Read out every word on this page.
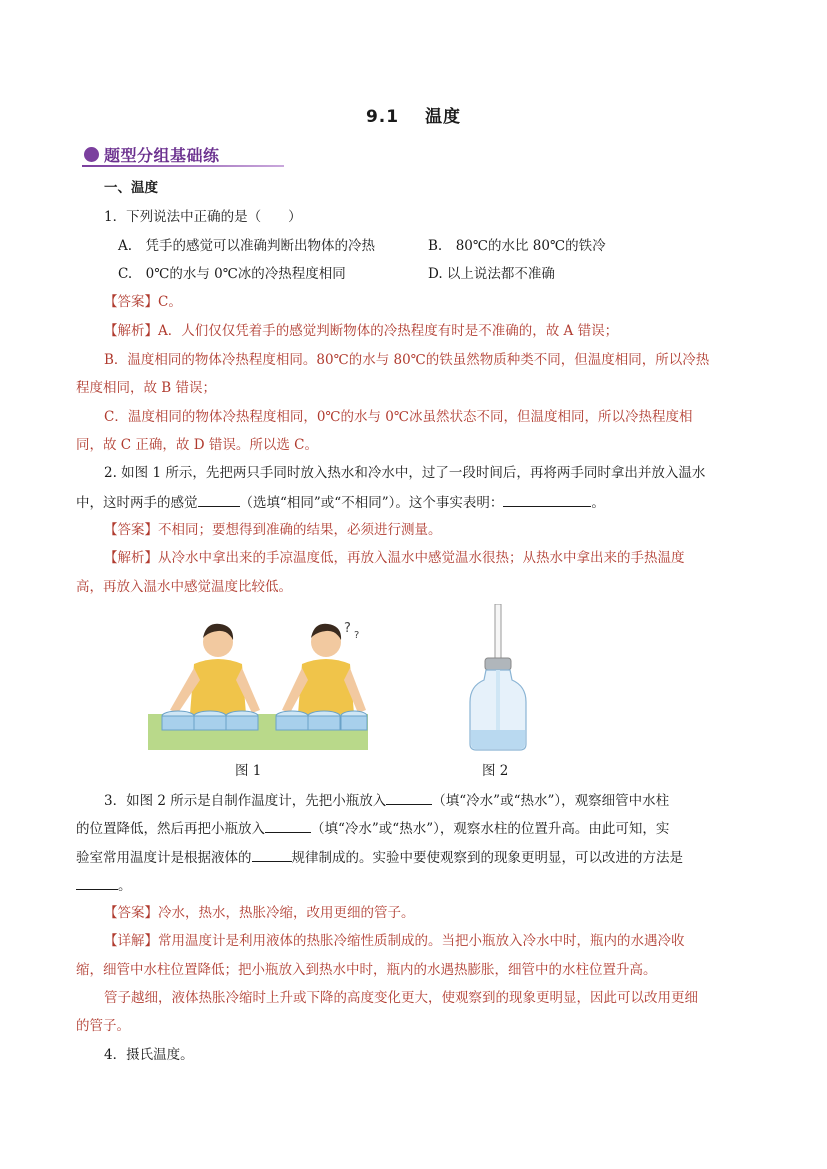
9.1 温度
题型分组基础练
一、温度
1．下列说法中正确的是（　　）
A.　凭手的感觉可以准确判断出物体的冷热	B.　80℃的水比 80℃的铁冷
C.　0℃的水与 0℃冰的冷热程度相同	D. 以上说法都不准确
【答案】C。
【解析】A．人们仅仅凭着手的感觉判断物体的冷热程度有时是不准确的，故 A 错误；
B．温度相同的物体冷热程度相同。80℃的水与 80℃的铁虽然物质种类不同，但温度相同，所以冷热
程度相同，故 B 错误；
C．温度相同的物体冷热程度相同，0℃的水与 0℃冰虽然状态不同，但温度相同，所以冷热程度相
同，故 C 正确，故 D 错误。所以选 C。
2. 如图 1 所示，先把两只手同时放入热水和冷水中，过了一段时间后，再将两手同时拿出并放入温水
中，这时两手的感觉	（选填“相同”或“不相同”）。这个事实表明：	。
【答案】不相同；要想得到准确的结果，必须进行测量。
【解析】从冷水中拿出来的手凉温度低，再放入温水中感觉温水很热；从热水中拿出来的手热温度
高，再放入温水中感觉温度比较低。
? ?
图 1	图 2
3．如图 2 所示是自制作温度计，先把小瓶放入	（填“冷水”或“热水”），观察细管中水柱
的位置降低，然后再把小瓶放入	（填“冷水”或“热水”），观察水柱的位置升高。由此可知，实
验室常用温度计是根据液体的	规律制成的。实验中要使观察到的现象更明显，可以改进的方法是
。
【答案】冷水，热水，热胀冷缩，改用更细的管子。
【详解】常用温度计是利用液体的热胀冷缩性质制成的。当把小瓶放入冷水中时，瓶内的水遇冷收
缩，细管中水柱位置降低；把小瓶放入到热水中时，瓶内的水遇热膨胀，细管中的水柱位置升高。
管子越细，液体热胀冷缩时上升或下降的高度变化更大，使观察到的现象更明显，因此可以改用更细
的管子。
4．摄氏温度。
